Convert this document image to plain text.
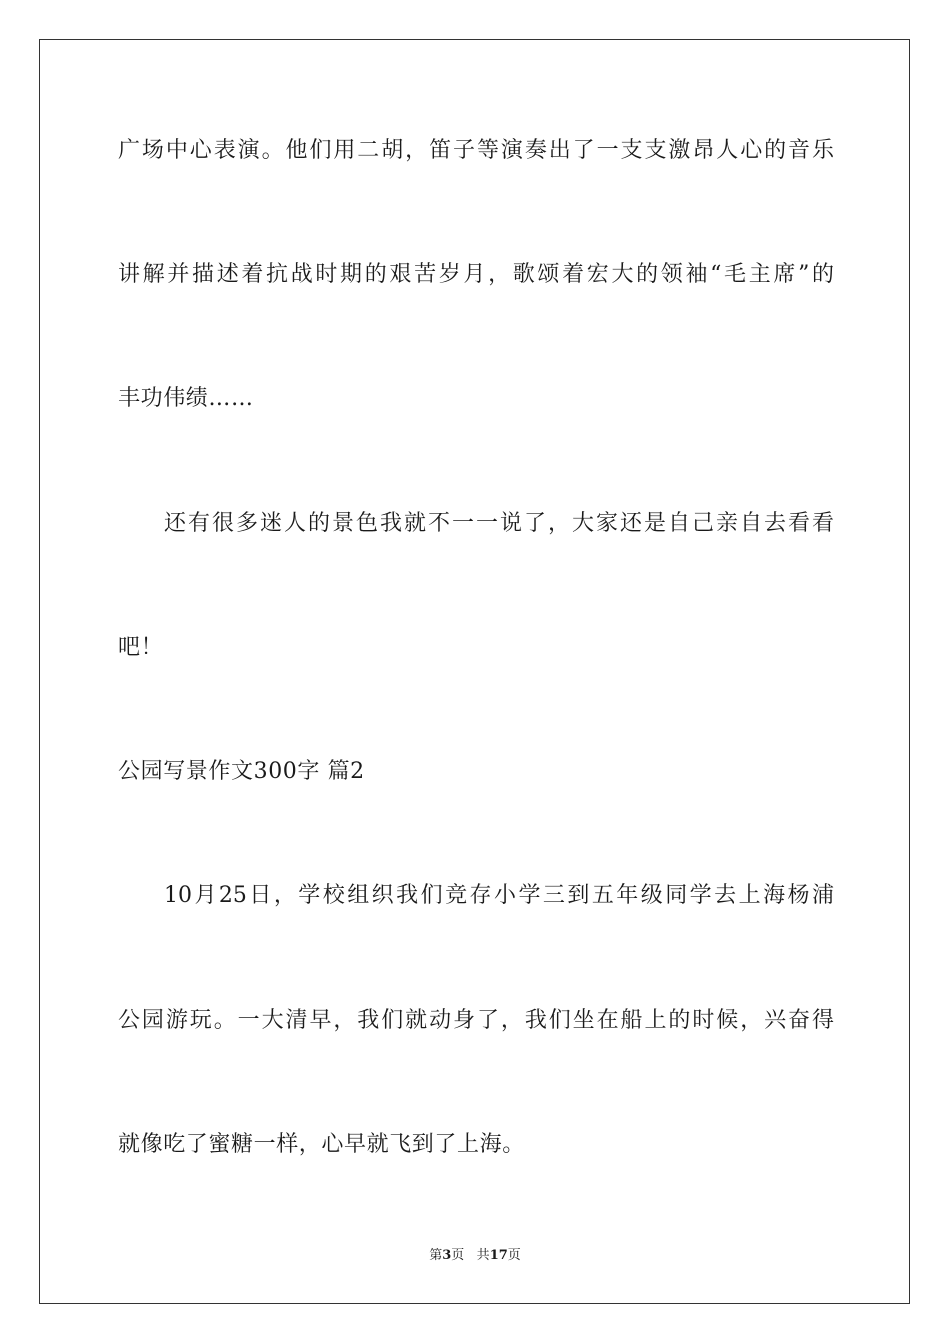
广场中心表演。他们用二胡，笛子等演奏出了一支支激昂人心的音乐
讲解并描述着抗战时期的艰苦岁月，歌颂着宏大的领袖“毛主席”的
丰功伟绩……
还有很多迷人的景色我就不一一说了，大家还是自己亲自去看看
吧！
公园写景作文300字 篇2
10月25日，学校组织我们竞存小学三到五年级同学去上海杨浦
公园游玩。一大清早，我们就动身了，我们坐在船上的时候，兴奋得
就像吃了蜜糖一样，心早就飞到了上海。
第3页 共17页
